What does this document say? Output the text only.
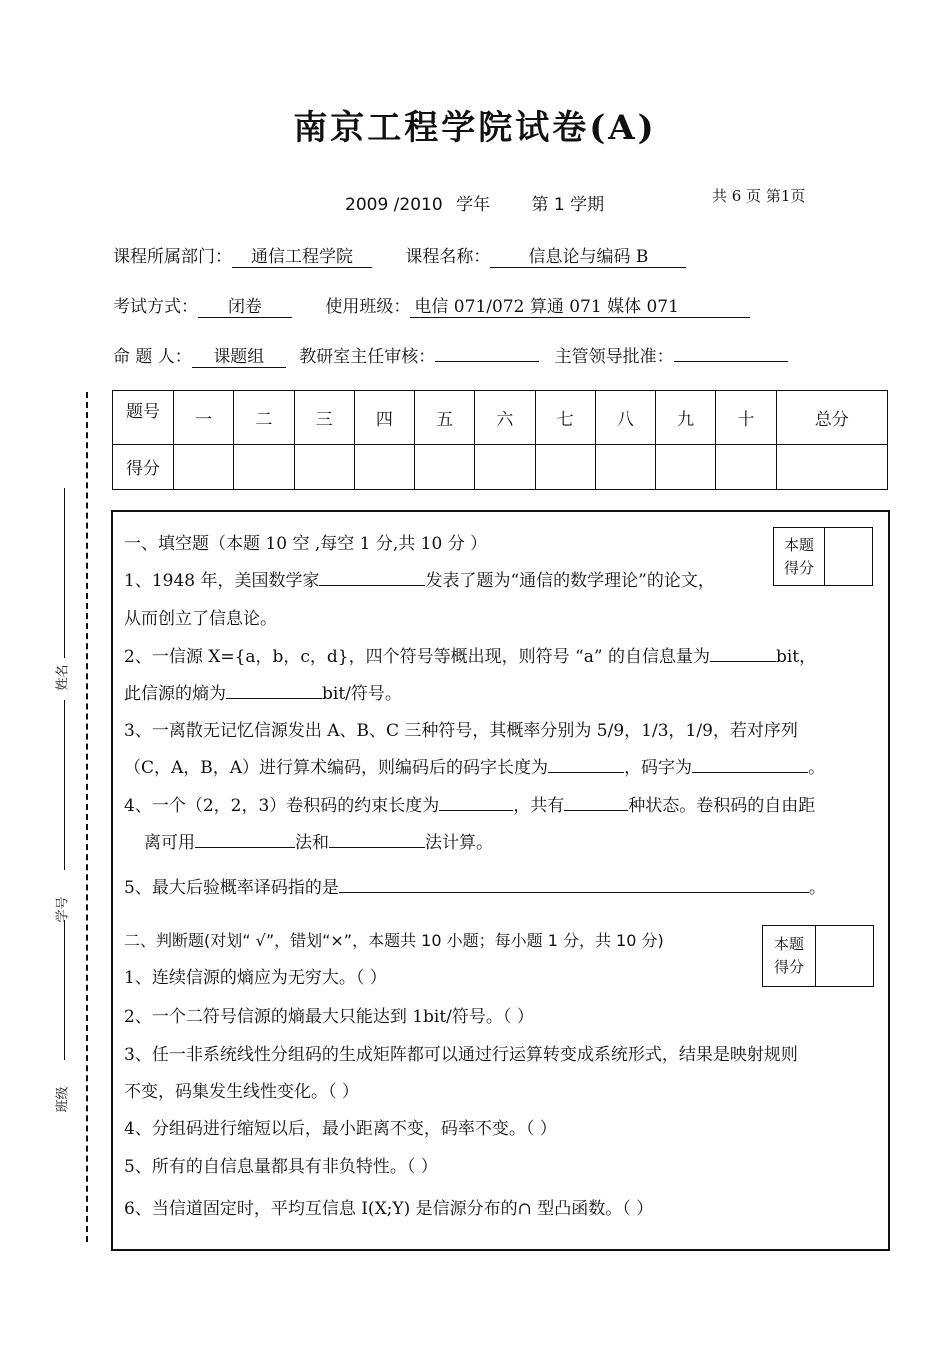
南京工程学院试卷(A)
2009 /2010 学年 第 1 学期	共 6 页 第1页
课程所属部门： 通信工程学院	课程名称： 信息论与编码 B
考试方式： 闭卷	使用班级： 电信 071/072 算通 071 媒体 071
命 题 人： 课题组 教研室主任审核：	主管领导批准：
姓名
学号
班级
题号	一	二	三	四	五	六	七	八	九	十	总分
得分											
本题
得分
一、填空题（本题 10 空 ,每空 1 分,共 10 分 ）
1、1948 年，美国数学家	发表了题为“通信的数学理论”的论文，
从而创立了信息论。
2、一信源 X={a，b，c，d}，四个符号等概出现，则符号 “a” 的自信息量为	bit，
此信源的熵为	bit/符号。
3、一离散无记忆信源发出 A、B、C 三种符号，其概率分别为 5/9，1/3，1/9，若对序列
（C，A，B，A）进行算术编码，则编码后的码字长度为	，码字为	。
4、一个（2，2，3）卷积码的约束长度为	，共有	种状态。卷积码的自由距
离可用	法和	法计算。
5、最大后验概率译码指的是	。
本题
得分
二、判断题(对划“ √”，错划“×”，本题共 10 小题；每小题 1 分，共 10 分)
1、连续信源的熵应为无穷大。（ ）
2、一个二符号信源的熵最大只能达到 1bit/符号。（ ）
3、任一非系统线性分组码的生成矩阵都可以通过行运算转变成系统形式，结果是映射规则
不变，码集发生线性变化。（ ）
4、分组码进行缩短以后，最小距离不变，码率不变。（ ）
5、所有的自信息量都具有非负特性。（ ）
6、当信道固定时，平均互信息 I(X;Y) 是信源分布的∩ 型凸函数。（ ）
